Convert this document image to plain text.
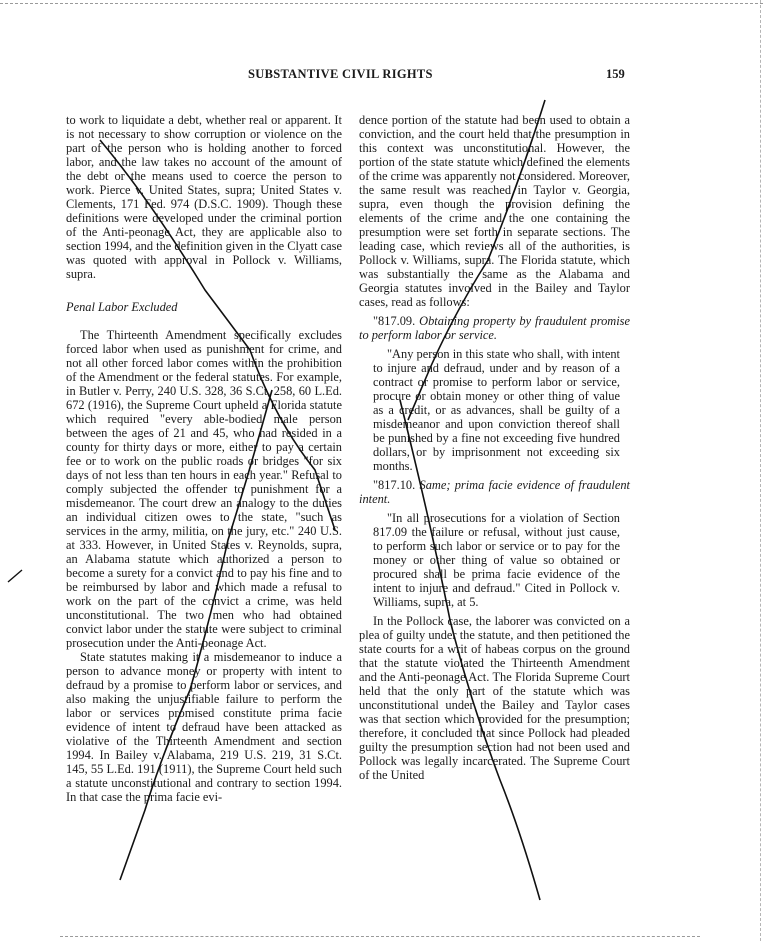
SUBSTANTIVE CIVIL RIGHTS	159

to work to liquidate a debt, whether real or apparent. It is not necessary to show corruption or violence on the part of the person who is holding another to forced labor, and the law takes no account of the amount of the debt or the means used to coerce the person to work. Pierce v. United States, supra; United States v. Clements, 171 Fed. 974 (D.S.C. 1909). Though these definitions were developed under the criminal portion of the Anti-peonage Act, they are applicable also to section 1994, and the definition given in the Clyatt case was quoted with approval in Pollock v. Williams, supra.

Penal Labor Excluded

The Thirteenth Amendment specifically excludes forced labor when used as punishment for crime, and not all other forced labor comes within the prohibition of the Amendment or the federal statutes. For example, in Butler v. Perry, 240 U.S. 328, 36 S.Ct. 258, 60 L.Ed. 672 (1916), the Supreme Court upheld a Florida statute which required "every able-bodied male person between the ages of 21 and 45, who had resided in a county for thirty days or more, either to pay a certain fee or to work on the public roads or bridges "for six days of not less than ten hours in each year." Refusal to comply subjected the offender to punishment for a misdemeanor. The court drew an analogy to the duties an individual citizen owes to the state, "such as services in the army, militia, on the jury, etc." 240 U.S. at 333. However, in United States v. Reynolds, supra, an Alabama statute which authorized a person to become a surety for a convict and to pay his fine and to be reimbursed by labor and which made a refusal to work on the part of the convict a crime, was held unconstitutional. The two men who had obtained convict labor under the statute were subject to criminal prosecution under the Anti-peonage Act.

State statutes making it a misdemeanor to induce a person to advance money or property with intent to defraud by a promise to perform labor or services, and also making the unjustifiable failure to perform the labor or services promised constitute prima facie evidence of intent to defraud have been attacked as violative of the Thirteenth Amendment and section 1994. In Bailey v. Alabama, 219 U.S. 219, 31 S.Ct. 145, 55 L.Ed. 191 (1911), the Supreme Court held such a statute unconstitutional and contrary to section 1994. In that case the prima facie evi-

dence portion of the statute had been used to obtain a conviction, and the court held that the presumption in this context was unconstitutional. However, the portion of the state statute which defined the elements of the crime was apparently not considered. Moreover, the same result was reached in Taylor v. Georgia, supra, even though the provision defining the elements of the crime and the one containing the presumption were set forth in separate sections. The leading case, which reviews all of the authorities, is Pollock v. Williams, supra. The Florida statute, which was substantially the same as the Alabama and Georgia statutes involved in the Bailey and Taylor cases, read as follows:

"817.09. Obtaining property by fraudulent promise to perform labor or service.

"Any person in this state who shall, with intent to injure and defraud, under and by reason of a contract or promise to perform labor or service, procure or obtain money or other thing of value as a credit, or as advances, shall be guilty of a misdemeanor and upon conviction thereof shall be punished by a fine not exceeding five hundred dollars, or by imprisonment not exceeding six months.

"817.10. Same; prima facie evidence of fraudulent intent.

"In all prosecutions for a violation of Section 817.09 the failure or refusal, without just cause, to perform such labor or service or to pay for the money or other thing of value so obtained or procured shall be prima facie evidence of the intent to injure and defraud." Cited in Pollock v. Williams, supra, at 5.

In the Pollock case, the laborer was convicted on a plea of guilty under the statute, and then petitioned the state courts for a writ of habeas corpus on the ground that the statute violated the Thirteenth Amendment and the Anti-peonage Act. The Florida Supreme Court held that the only part of the statute which was unconstitutional under the Bailey and Taylor cases was that section which provided for the presumption; therefore, it concluded that since Pollock had pleaded guilty the presumption section had not been used and Pollock was legally incarcerated. The Supreme Court of the United
